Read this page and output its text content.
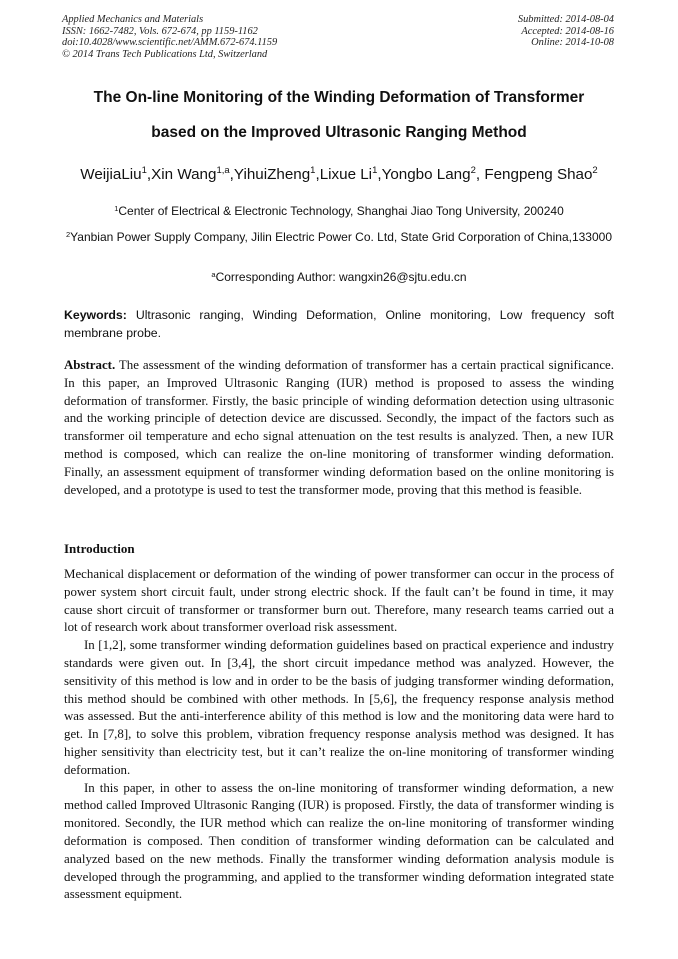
Applied Mechanics and Materials
ISSN: 1662-7482, Vols. 672-674, pp 1159-1162
doi:10.4028/www.scientific.net/AMM.672-674.1159
© 2014 Trans Tech Publications Ltd, Switzerland
Submitted: 2014-08-04
Accepted: 2014-08-16
Online: 2014-10-08
The On-line Monitoring of the Winding Deformation of Transformer
based on the Improved Ultrasonic Ranging Method
WeijiaLiu$^1$,Xin Wang$^{1,a}$,YihuiZheng$^1$,Lixue Li$^1$,Yongbo Lang$^2$, Fengpeng Shao$^2$
$^1$Center of Electrical & Electronic Technology, Shanghai Jiao Tong University, 200240
$^2$Yanbian Power Supply Company, Jilin Electric Power Co. Ltd, State Grid Corporation of China,133000
$^a$Corresponding Author: wangxin26@sjtu.edu.cn
Keywords: Ultrasonic ranging, Winding Deformation, Online monitoring, Low frequency soft membrane probe.
Abstract. The assessment of the winding deformation of transformer has a certain practical significance. In this paper, an Improved Ultrasonic Ranging (IUR) method is proposed to assess the winding deformation of transformer. Firstly, the basic principle of winding deformation detection using ultrasonic and the working principle of detection device are discussed. Secondly, the impact of the factors such as transformer oil temperature and echo signal attenuation on the test results is analyzed. Then, a new IUR method is composed, which can realize the on-line monitoring of transformer winding deformation. Finally, an assessment equipment of transformer winding deformation based on the online monitoring is developed, and a prototype is used to test the transformer mode, proving that this method is feasible.
Introduction

Mechanical displacement or deformation of the winding of power transformer can occur in the process of power system short circuit fault, under strong electric shock. If the fault can’t be found in time, it may cause short circuit of transformer or transformer burn out. Therefore, many research teams carried out a lot of research work about transformer overload risk assessment.

In [1,2], some transformer winding deformation guidelines based on practical experience and industry standards were given out. In [3,4], the short circuit impedance method was analyzed. However, the sensitivity of this method is low and in order to be the basis of judging transformer winding deformation, this method should be combined with other methods. In [5,6], the frequency response analysis method was assessed. But the anti-interference ability of this method is low and the monitoring data were hard to get. In [7,8], to solve this problem, vibration frequency response analysis method was designed. It has higher sensitivity than electricity test, but it can’t realize the on-line monitoring of transformer winding deformation.

In this paper, in other to assess the on-line monitoring of transformer winding deformation, a new method called Improved Ultrasonic Ranging (IUR) is proposed. Firstly, the data of transformer winding is monitored. Secondly, the IUR method which can realize the on-line monitoring of transformer winding deformation is composed. Then condition of transformer winding deformation can be calculated and analyzed based on the new methods. Finally the transformer winding deformation analysis module is developed through the programming, and applied to the transformer winding deformation integrated state assessment equipment.
